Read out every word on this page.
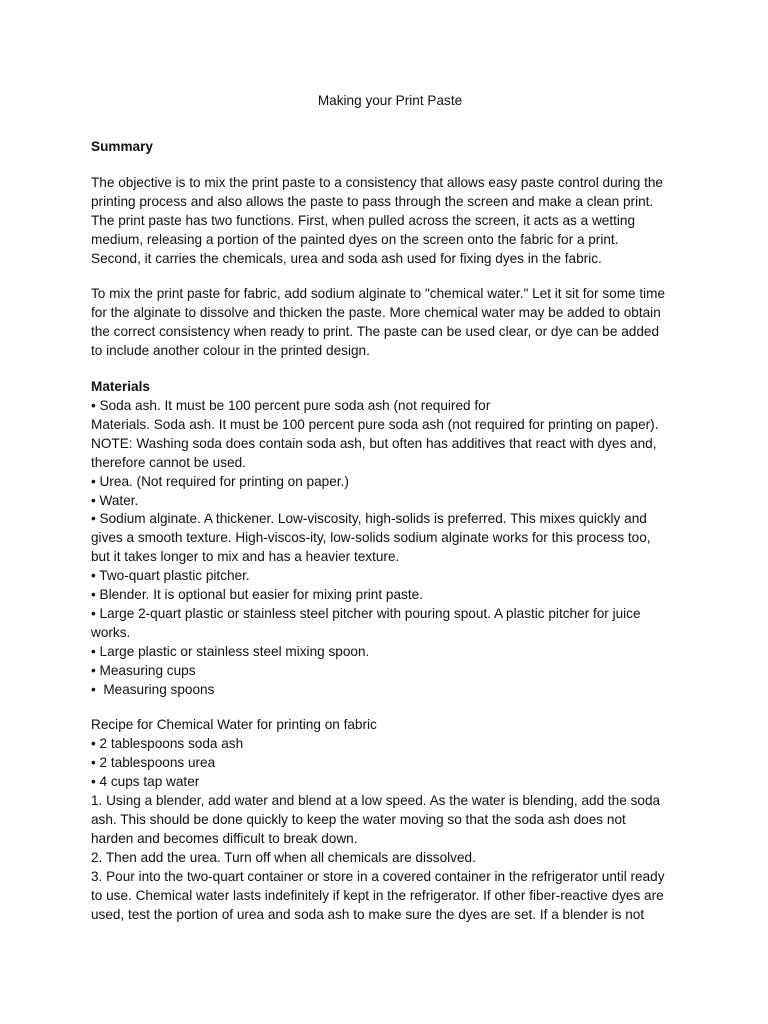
Making your Print Paste

Summary

The objective is to mix the print paste to a consistency that allows easy paste control during the
printing process and also allows the paste to pass through the screen and make a clean print.
The print paste has two functions. First, when pulled across the screen, it acts as a wetting
medium, releasing a portion of the painted dyes on the screen onto the fabric for a print.
Second, it carries the chemicals, urea and soda ash used for fixing dyes in the fabric.
To mix the print paste for fabric, add sodium alginate to "chemical water." Let it sit for some time
for the alginate to dissolve and thicken the paste. More chemical water may be added to obtain
the correct consistency when ready to print. The paste can be used clear, or dye can be added
to include another colour in the printed design.

Materials

• Soda ash. It must be 100 percent pure soda ash (not required for
Materials. Soda ash. It must be 100 percent pure soda ash (not required for printing on paper).
NOTE: Washing soda does contain soda ash, but often has additives that react with dyes and,
therefore cannot be used.
• Urea. (Not required for printing on paper.)
• Water.
• Sodium alginate. A thickener. Low-viscosity, high-solids is preferred. This mixes quickly and
gives a smooth texture. High-viscos-ity, low-solids sodium alginate works for this process too,
but it takes longer to mix and has a heavier texture.
• Two-quart plastic pitcher.
• Blender. It is optional but easier for mixing print paste.
• Large 2-quart plastic or stainless steel pitcher with pouring spout. A plastic pitcher for juice
works.
• Large plastic or stainless steel mixing spoon.
• Measuring cups
•  Measuring spoons
Recipe for Chemical Water for printing on fabric
• 2 tablespoons soda ash
• 2 tablespoons urea
• 4 cups tap water
1. Using a blender, add water and blend at a low speed. As the water is blending, add the soda
ash. This should be done quickly to keep the water moving so that the soda ash does not
harden and becomes difficult to break down.
2. Then add the urea. Turn off when all chemicals are dissolved.
3. Pour into the two-quart container or store in a covered container in the refrigerator until ready
to use. Chemical water lasts indefinitely if kept in the refrigerator. If other fiber-reactive dyes are
used, test the portion of urea and soda ash to make sure the dyes are set. If a blender is not
